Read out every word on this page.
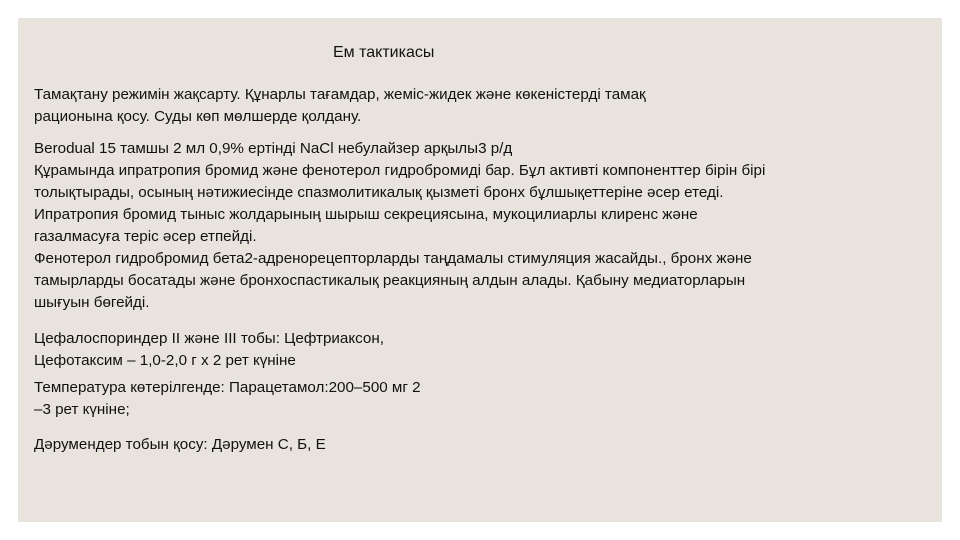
Ем тактикасы
Тамақтану режимін жақсарту. Құнарлы тағамдар, жеміс-жидек және көкеністерді тамақ
рационына қосу. Суды көп мөлшерде қолдану.
Berodual 15 тамшы 2 мл 0,9% ертінді NaCl небулайзер арқылы3 р/д
Құрамында ипратропия бромид және фенотерол гидробромиді бар. Бұл активті компоненттер бірін бірі
толықтырады, осының нәтижиесінде спазмолитикалық қызметі бронх бұлшықеттеріне әсер етеді.
Ипратропия бромид тыныс жолдарының шырыш секрециясына, мукоцилиарлы клиренс және
газалмасуға теріс әсер етпейді.
Фенотерол гидробромид бета2-адренорецепторларды таңдамалы стимуляция жасайды., бронх және
тамырларды босатады және бронхоспастикалық реакцияның алдын алады. Қабыну медиаторларын
шығуын бөгейді.
Цефалоспориндер ІІ және ІІІ тобы: Цефтриаксон,
Цефотаксим – 1,0-2,0 г х 2 рет күніне
Температура көтерілгенде: Парацетамол:200–500 мг 2
–3 рет күніне;
Дәрумендер тобын қосу: Дәрумен С, Б, Е
